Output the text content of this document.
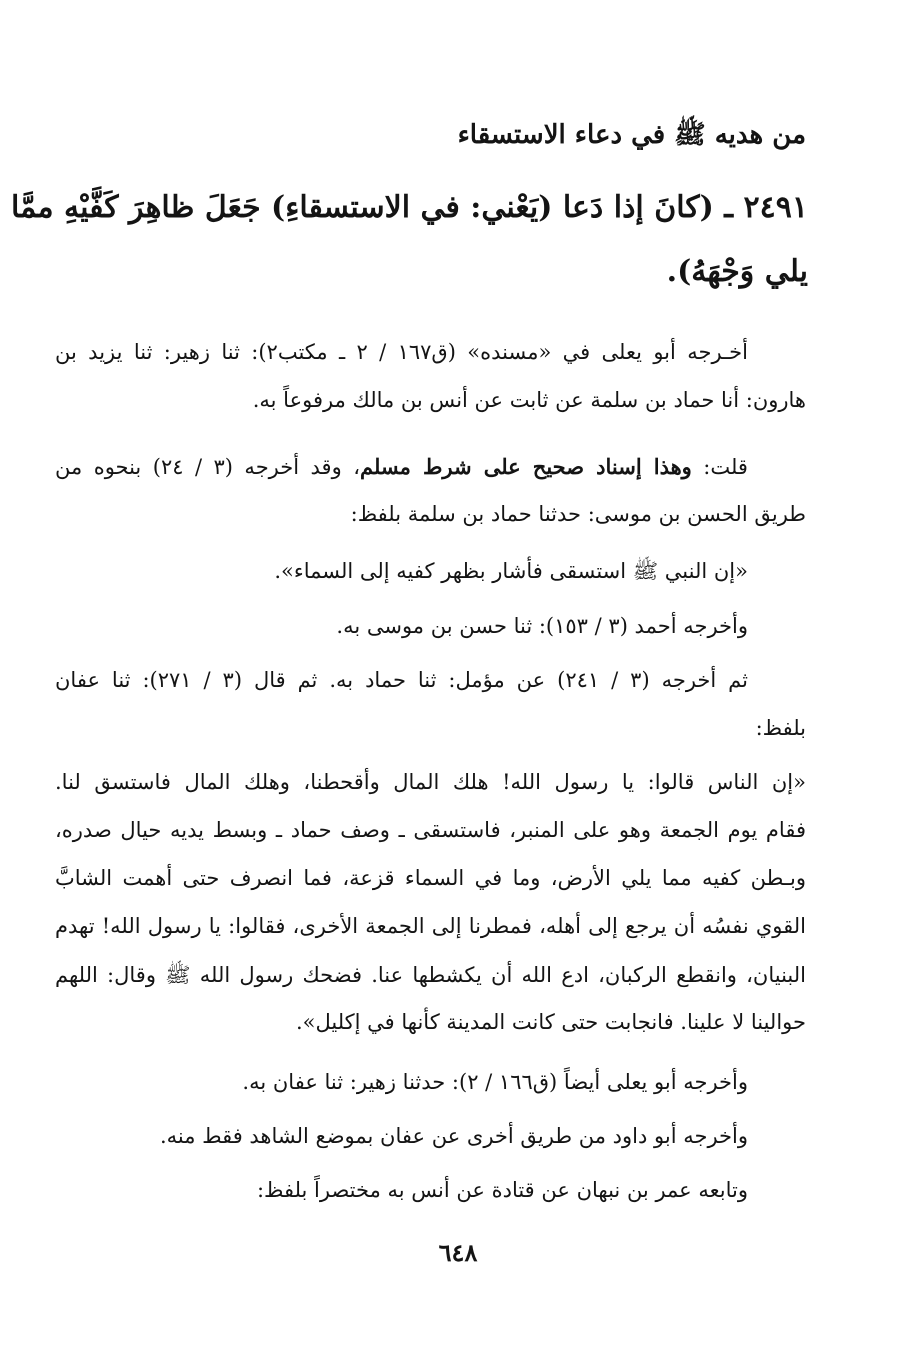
من هديه ﷺ في دعاء الاستسقاء
٢٤٩١ ـ (كانَ إذا دَعا (يَعْني: في الاستسقاءِ) جَعَلَ ظاهِرَ كَفَّيْهِ ممَّا
يلي وَجْهَهُ).
أخـرجه أبو يعلى في «مسنده» (ق١٦٧ / ٢ ـ مكتب٢): ثنا زهير: ثنا يزيد بن
هارون: أنا حماد بن سلمة عن ثابت عن أنس بن مالك مرفوعاً به.
قلت: وهذا إسناد صحيح على شرط مسلم، وقد أخرجه (٣ / ٢٤) بنحوه من
طريق الحسن بن موسى: حدثنا حماد بن سلمة بلفظ:
«إن النبي ﷺ استسقى فأشار بظهر كفيه إلى السماء».
وأخرجه أحمد (٣ / ١٥٣): ثنا حسن بن موسى به.
ثم أخرجه (٣ / ٢٤١) عن مؤمل: ثنا حماد به. ثم قال (٣ / ٢٧١): ثنا عفان
بلفظ:
«إن الناس قالوا: يا رسول الله! هلك المال وأقحطنا، وهلك المال فاستسق لنا.
فقام يوم الجمعة وهو على المنبر، فاستسقى ـ وصف حماد ـ وبسط يديه حيال صدره،
وبـطن كفيه مما يلي الأرض، وما في السماء قزعة، فما انصرف حتى أهمت الشابَّ
القوي نفسُه أن يرجع إلى أهله، فمطرنا إلى الجمعة الأخرى، فقالوا: يا رسول الله! تهدم
البنيان، وانقطع الركبان، ادع الله أن يكشطها عنا. فضحك رسول الله ﷺ وقال: اللهم
حوالينا لا علينا. فانجابت حتى كانت المدينة كأنها في إكليل».
وأخرجه أبو يعلى أيضاً (ق١٦٦ / ٢): حدثنا زهير: ثنا عفان به.
وأخرجه أبو داود من طريق أخرى عن عفان بموضع الشاهد فقط منه.
وتابعه عمر بن نبهان عن قتادة عن أنس به مختصراً بلفظ:
٦٤٨
